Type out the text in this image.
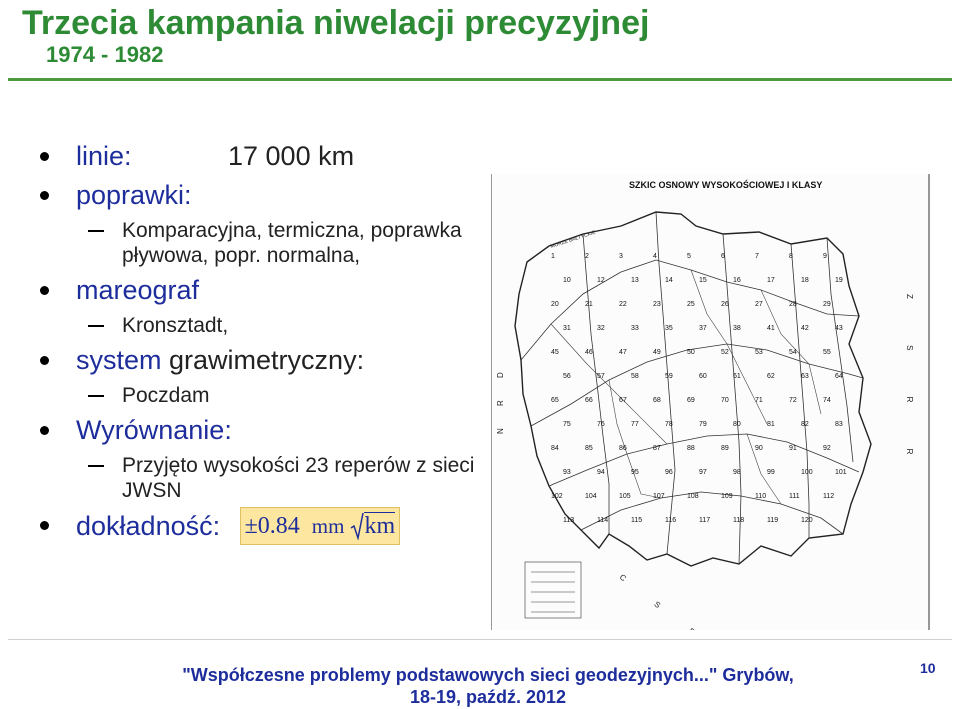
Trzecia kampania niwelacji precyzyjnej
1974 - 1982
linie:	17 000 km
poprawki:
Komparacyjna, termiczna, poprawka pływowa, popr. normalna,
mareograf
Kronsztadt,
system grawimetryczny:
Poczdam
Wyrównanie:
Przyjęto wysokości 23 reperów z sieci JWSN
dokładność: ±0.84 mm km
SZKIC OSNOWY WYSOKOŚCIOWEJ I KLASY
MORZE BAŁTYCKIE
N R D	Z S R R
1	2	3	4	5	6	7	8	9
10	12	13	14	15	16	17	18	19
20	21	22	23	25	26	27	28	29
31	32	33	35	37	38	41	42	43
45	46	47	49	50	52	53	54	55
56	57	58	59	60	61	62	63	64
65	66	67	68	69	70	71	72	74
75	76	77	78	79	80	81	82	83
84	85	86	87	88	89	90	91	92
93	94	95	96	97	98	99	100	101
102	104	105	107	108	109	110	111	112
113	114	115	116	117	118	119	120
"Współczesne problemy podstawowych sieci geodezyjnych..." Grybów,
18-19, paźdź. 2012
10
